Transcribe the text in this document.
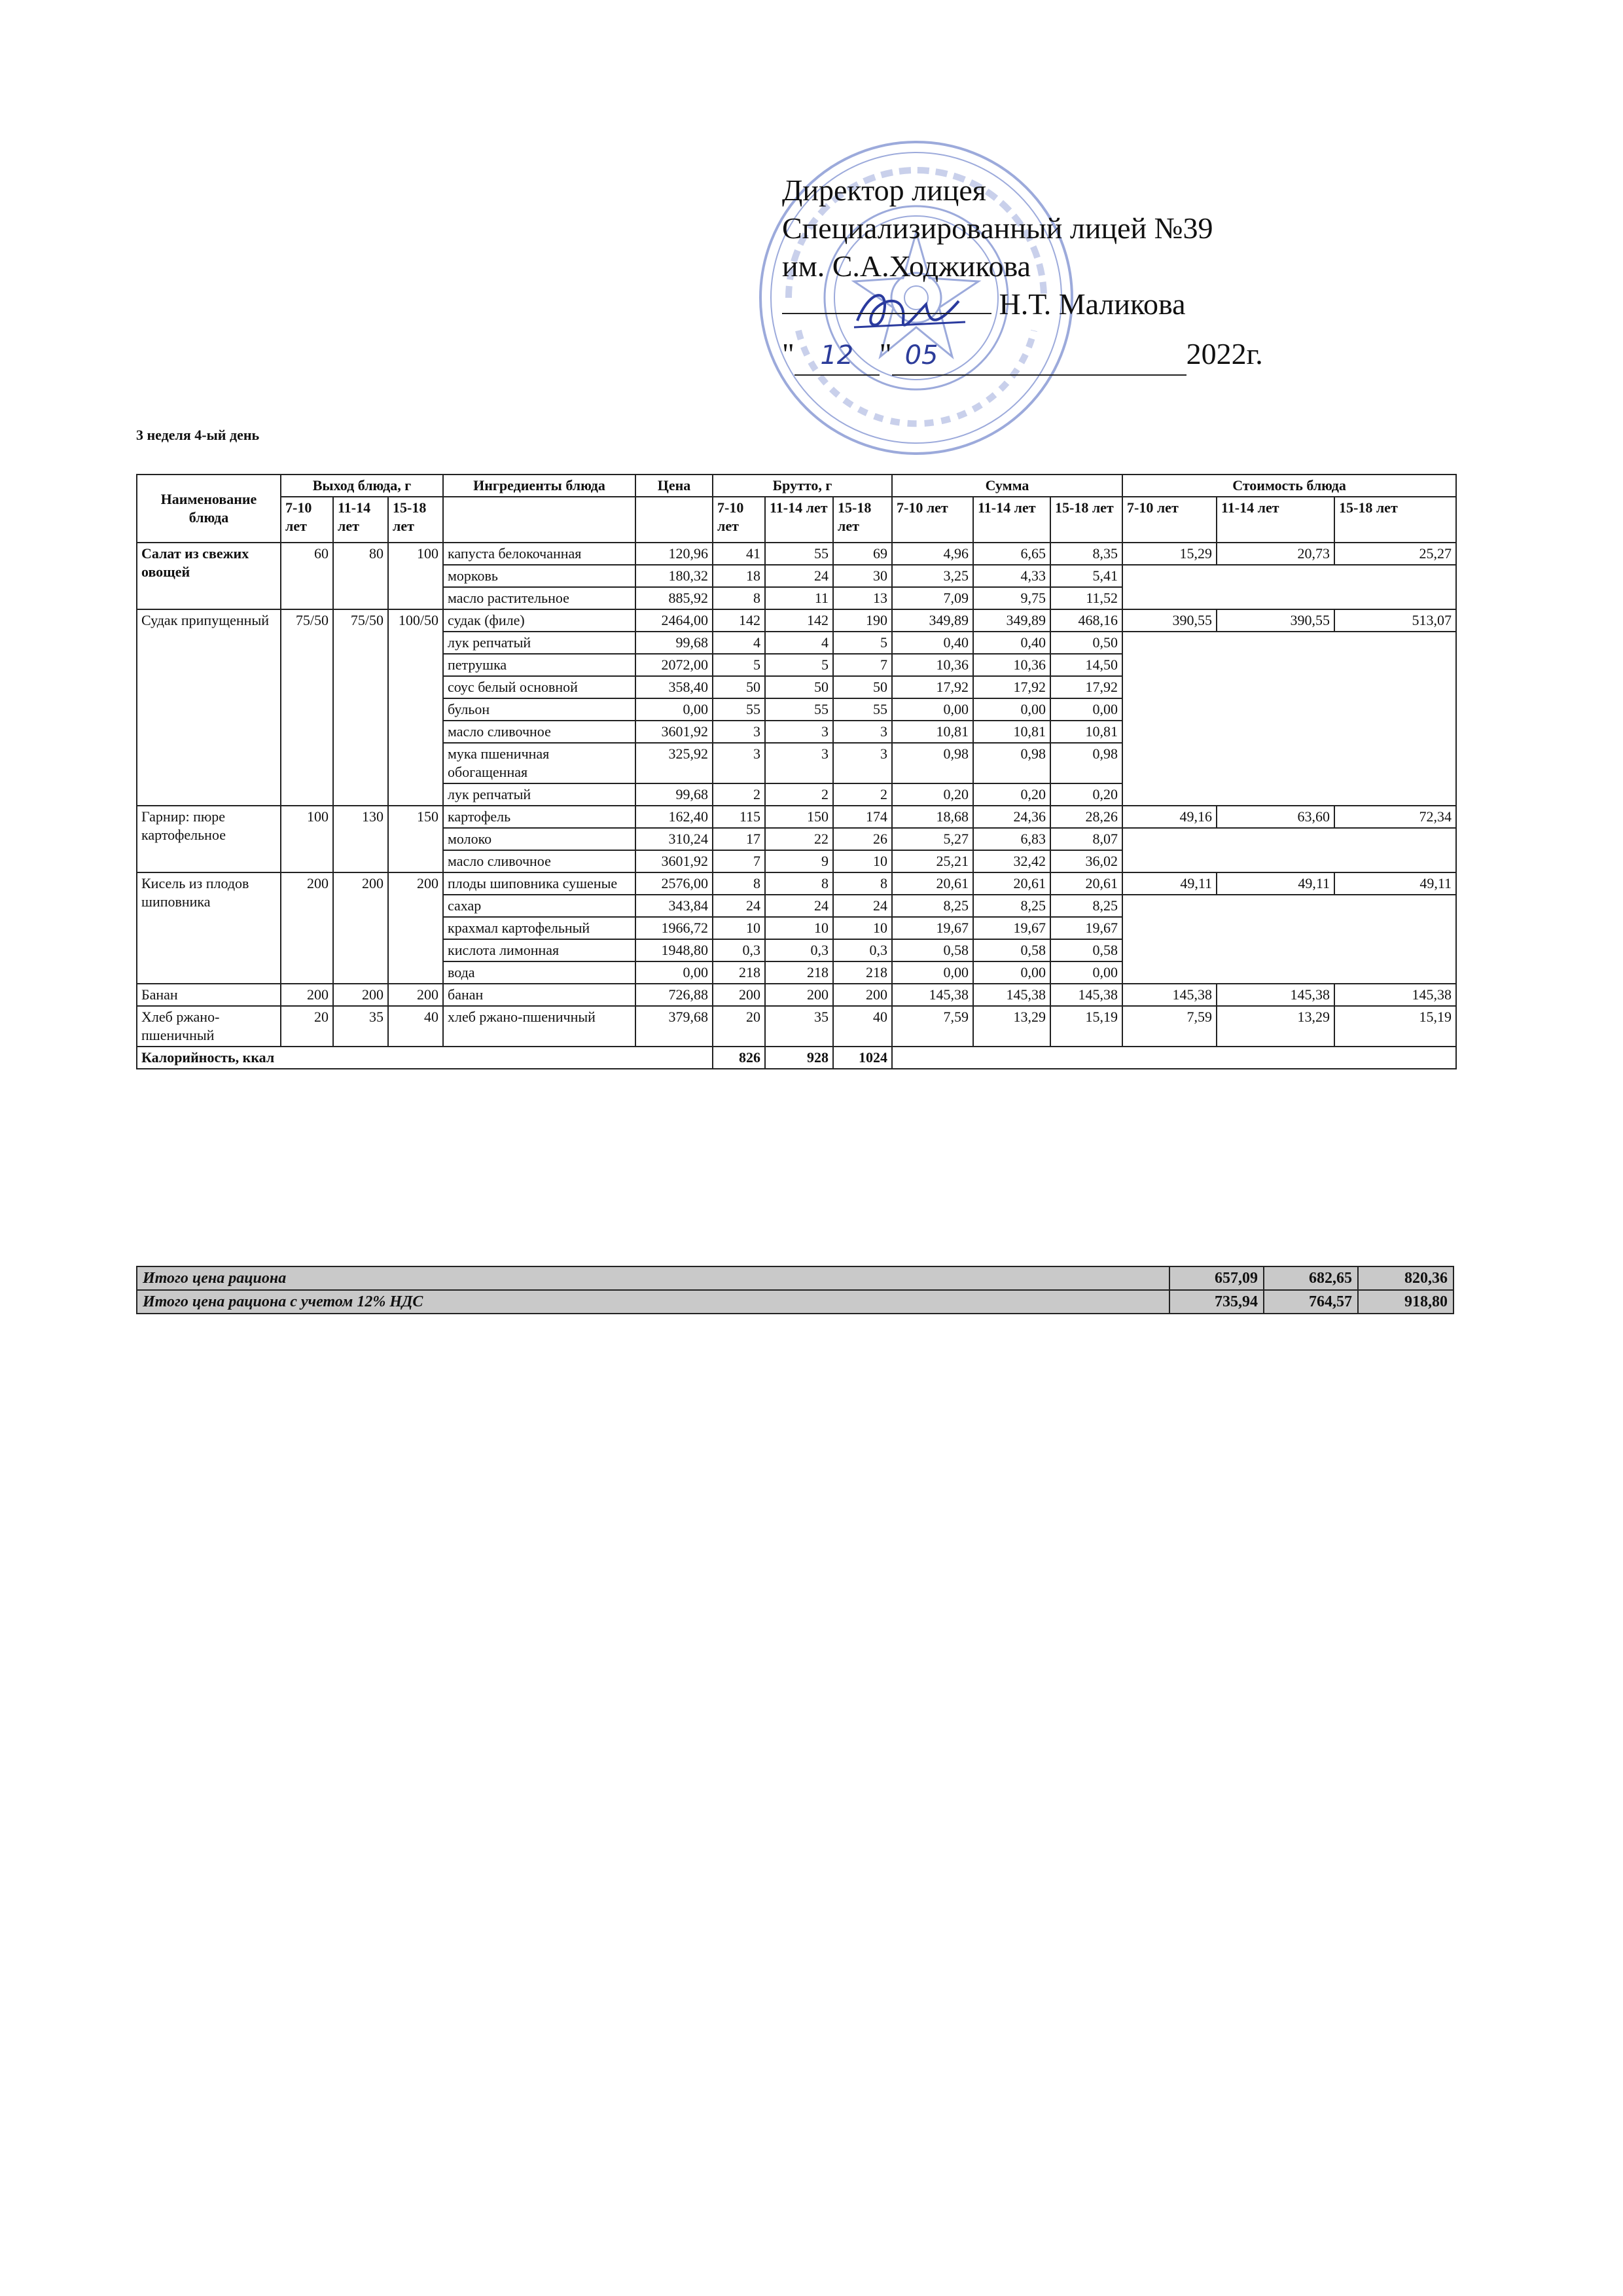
Директор лицея
Специализированный лицей №39
им. С.А.Ходжикова
Н.Т. Маликова
" 12 " 05	2022г.
3 неделя 4-ый день
Наименование блюда	Выход блюда, г			Ингредиенты блюда	Цена	Брутто, г			Сумма			Стоимость блюда		
	7-10 лет	11-14 лет	15-18 лет			7-10 лет	11-14 лет	15-18 лет	7-10 лет	11-14 лет	15-18 лет	7-10 лет	11-14 лет	15-18 лет
Салат из свежих овощей	60	80	100	капуста белокочанная	120,96	41	55	69	4,96	6,65	8,35	15,29	20,73	25,27
				морковь	180,32	18	24	30	3,25	4,33	5,41			
				масло растительное	885,92	8	11	13	7,09	9,75	11,52			
Судак припущенный	75/50	75/50	100/50	судак (филе)	2464,00	142	142	190	349,89	349,89	468,16	390,55	390,55	513,07
				лук репчатый	99,68	4	4	5	0,40	0,40	0,50			
				петрушка	2072,00	5	5	7	10,36	10,36	14,50			
				соус белый основной	358,40	50	50	50	17,92	17,92	17,92			
				бульон	0,00	55	55	55	0,00	0,00	0,00			
				масло сливочное	3601,92	3	3	3	10,81	10,81	10,81			
				мука пшеничная обогащенная	325,92	3	3	3	0,98	0,98	0,98			
				лук репчатый	99,68	2	2	2	0,20	0,20	0,20			
Гарнир: пюре картофельное	100	130	150	картофель	162,40	115	150	174	18,68	24,36	28,26	49,16	63,60	72,34
				молоко	310,24	17	22	26	5,27	6,83	8,07			
				масло сливочное	3601,92	7	9	10	25,21	32,42	36,02			
Кисель из плодов шиповника	200	200	200	плоды шиповника сушеные	2576,00	8	8	8	20,61	20,61	20,61	49,11	49,11	49,11
				сахар	343,84	24	24	24	8,25	8,25	8,25			
				крахмал картофельный	1966,72	10	10	10	19,67	19,67	19,67			
				кислота лимонная	1948,80	0,3	0,3	0,3	0,58	0,58	0,58			
				вода	0,00	218	218	218	0,00	0,00	0,00			
Банан	200	200	200	банан	726,88	200	200	200	145,38	145,38	145,38	145,38	145,38	145,38
Хлеб ржано-пшеничный	20	35	40	хлеб ржано-пшеничный	379,68	20	35	40	7,59	13,29	15,19	7,59	13,29	15,19
Калорийность, ккал						826	928	1024						
Итого цена рациона	657,09	682,65	820,36
Итого цена рациона с учетом 12% НДС	735,94	764,57	918,80
